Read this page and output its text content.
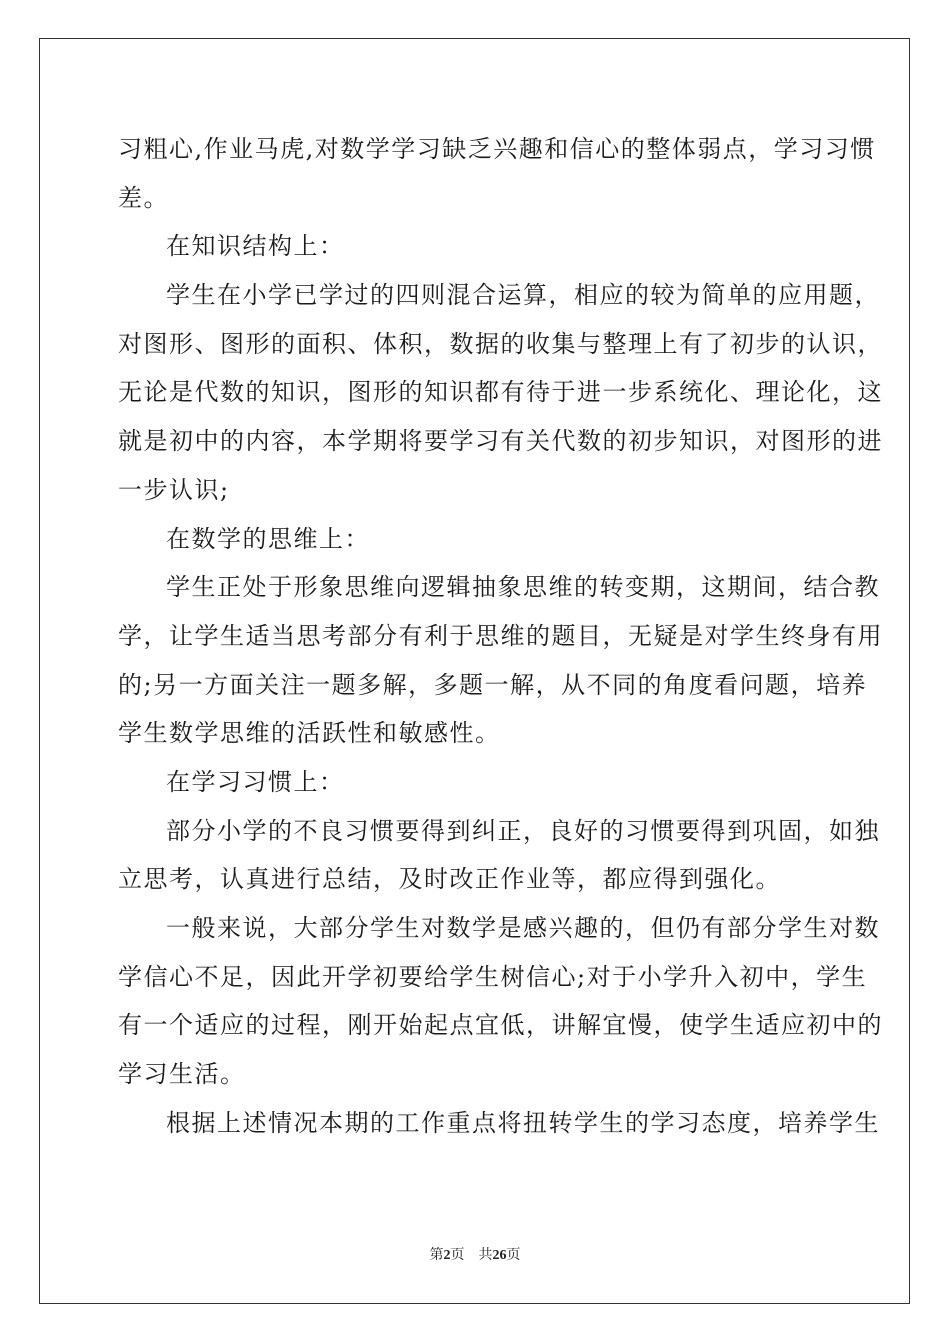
习粗心,作业马虎,对数学学习缺乏兴趣和信心的整体弱点，学习习惯
差。
在知识结构上：
学生在小学已学过的四则混合运算，相应的较为简单的应用题，
对图形、图形的面积、体积，数据的收集与整理上有了初步的认识，
无论是代数的知识，图形的知识都有待于进一步系统化、理论化，这
就是初中的内容，本学期将要学习有关代数的初步知识，对图形的进
一步认识;
在数学的思维上：
学生正处于形象思维向逻辑抽象思维的转变期，这期间，结合教
学，让学生适当思考部分有利于思维的题目，无疑是对学生终身有用
的;另一方面关注一题多解，多题一解，从不同的角度看问题，培养
学生数学思维的活跃性和敏感性。
在学习习惯上：
部分小学的不良习惯要得到纠正，良好的习惯要得到巩固，如独
立思考，认真进行总结，及时改正作业等，都应得到强化。
一般来说，大部分学生对数学是感兴趣的，但仍有部分学生对数
学信心不足，因此开学初要给学生树信心;对于小学升入初中，学生
有一个适应的过程，刚开始起点宜低，讲解宜慢，使学生适应初中的
学习生活。
根据上述情况本期的工作重点将扭转学生的学习态度，培养学生
第2页 共26页
